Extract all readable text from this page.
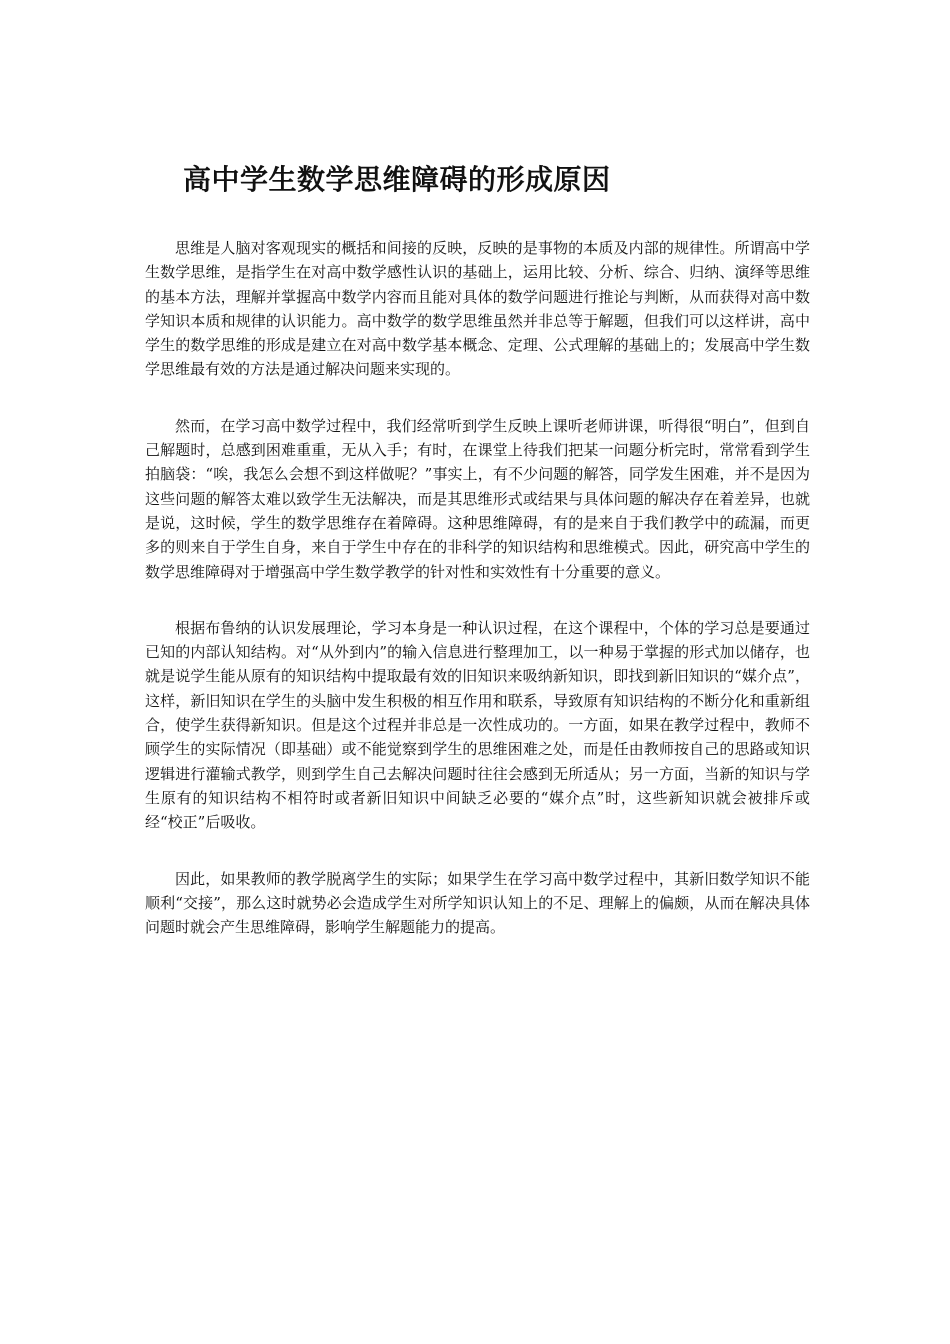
高中学生数学思维障碍的形成原因

思维是人脑对客观现实的概括和间接的反映，反映的是事物的本质及内部的规律性。所谓高中学生数学思维，是指学生在对高中数学感性认识的基础上，运用比较、分析、综合、归纳、演绎等思维的基本方法，理解并掌握高中数学内容而且能对具体的数学问题进行推论与判断，从而获得对高中数学知识本质和规律的认识能力。高中数学的数学思维虽然并非总等于解题，但我们可以这样讲，高中学生的数学思维的形成是建立在对高中数学基本概念、定理、公式理解的基础上的；发展高中学生数学思维最有效的方法是通过解决问题来实现的。

然而，在学习高中数学过程中，我们经常听到学生反映上课听老师讲课，听得很“明白”，但到自己解题时，总感到困难重重，无从入手；有时，在课堂上待我们把某一问题分析完时，常常看到学生拍脑袋：“唉，我怎么会想不到这样做呢？”事实上，有不少问题的解答，同学发生困难，并不是因为这些问题的解答太难以致学生无法解决，而是其思维形式或结果与具体问题的解决存在着差异，也就是说，这时候，学生的数学思维存在着障碍。这种思维障碍，有的是来自于我们教学中的疏漏，而更多的则来自于学生自身，来自于学生中存在的非科学的知识结构和思维模式。因此，研究高中学生的数学思维障碍对于增强高中学生数学教学的针对性和实效性有十分重要的意义。

根据布鲁纳的认识发展理论，学习本身是一种认识过程，在这个课程中，个体的学习总是要通过已知的内部认知结构。对“从外到内”的输入信息进行整理加工，以一种易于掌握的形式加以储存，也就是说学生能从原有的知识结构中提取最有效的旧知识来吸纳新知识，即找到新旧知识的“媒介点”，这样，新旧知识在学生的头脑中发生积极的相互作用和联系，导致原有知识结构的不断分化和重新组合，使学生获得新知识。但是这个过程并非总是一次性成功的。一方面，如果在教学过程中，教师不顾学生的实际情况（即基础）或不能觉察到学生的思维困难之处，而是任由教师按自己的思路或知识逻辑进行灌输式教学，则到学生自己去解决问题时往往会感到无所适从；另一方面，当新的知识与学生原有的知识结构不相符时或者新旧知识中间缺乏必要的“媒介点”时，这些新知识就会被排斥或经“校正”后吸收。

因此，如果教师的教学脱离学生的实际；如果学生在学习高中数学过程中，其新旧数学知识不能顺利“交接”，那么这时就势必会造成学生对所学知识认知上的不足、理解上的偏颇，从而在解决具体问题时就会产生思维障碍，影响学生解题能力的提高。
